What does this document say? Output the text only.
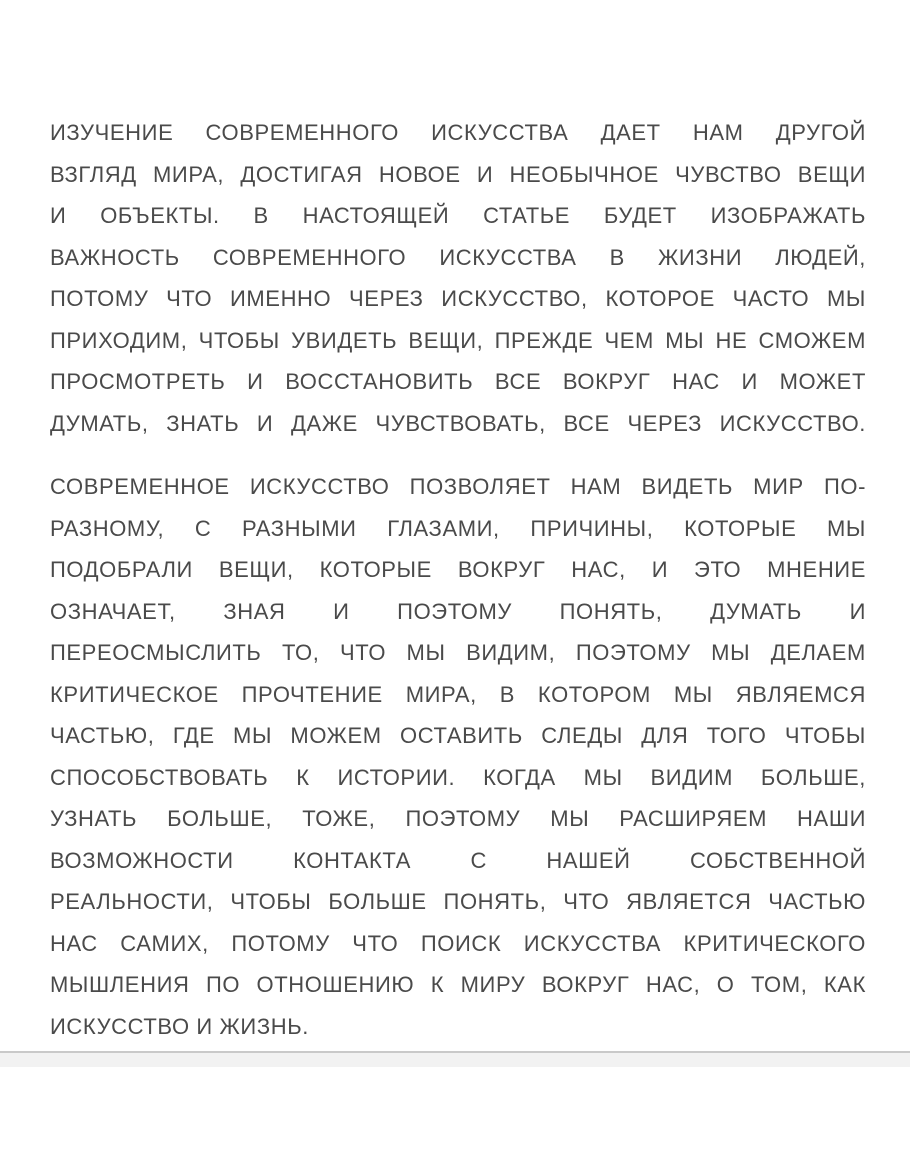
ИЗУЧЕНИЕ СОВРЕМЕННОГО ИСКУССТВА ДАЕТ НАМ ДРУГОЙ
ВЗГЛЯД МИРА, ДОСТИГАЯ НОВОЕ И НЕОБЫЧНОЕ ЧУВСТВО ВЕЩИ
И ОБЪЕКТЫ. В НАСТОЯЩЕЙ СТАТЬЕ БУДЕТ ИЗОБРАЖАТЬ
ВАЖНОСТЬ СОВРЕМЕННОГО ИСКУССТВА В ЖИЗНИ ЛЮДЕЙ,
ПОТОМУ ЧТО ИМЕННО ЧЕРЕЗ ИСКУССТВО, КОТОРОЕ ЧАСТО МЫ
ПРИХОДИМ, ЧТОБЫ УВИДЕТЬ ВЕЩИ, ПРЕЖДЕ ЧЕМ МЫ НЕ СМОЖЕМ
ПРОСМОТРЕТЬ И ВОССТАНОВИТЬ ВСЕ ВОКРУГ НАС И МОЖЕТ
ДУМАТЬ, ЗНАТЬ И ДАЖЕ ЧУВСТВОВАТЬ, ВСЕ ЧЕРЕЗ ИСКУССТВО.
СОВРЕМЕННОЕ ИСКУССТВО ПОЗВОЛЯЕТ НАМ ВИДЕТЬ МИР ПО-
РАЗНОМУ, С РАЗНЫМИ ГЛАЗАМИ, ПРИЧИНЫ, КОТОРЫЕ МЫ
ПОДОБРАЛИ ВЕЩИ, КОТОРЫЕ ВОКРУГ НАС, И ЭТО МНЕНИЕ
ОЗНАЧАЕТ, ЗНАЯ И ПОЭТОМУ ПОНЯТЬ, ДУМАТЬ И
ПЕРЕОСМЫСЛИТЬ ТО, ЧТО МЫ ВИДИМ, ПОЭТОМУ МЫ ДЕЛАЕМ
КРИТИЧЕСКОЕ ПРОЧТЕНИЕ МИРА, В КОТОРОМ МЫ ЯВЛЯЕМСЯ
ЧАСТЬЮ, ГДЕ МЫ МОЖЕМ ОСТАВИТЬ СЛЕДЫ ДЛЯ ТОГО ЧТОБЫ
СПОСОБСТВОВАТЬ К ИСТОРИИ. КОГДА МЫ ВИДИМ БОЛЬШЕ,
УЗНАТЬ БОЛЬШЕ, ТОЖЕ, ПОЭТОМУ МЫ РАСШИРЯЕМ НАШИ
ВОЗМОЖНОСТИ КОНТАКТА С НАШЕЙ СОБСТВЕННОЙ
РЕАЛЬНОСТИ, ЧТОБЫ БОЛЬШЕ ПОНЯТЬ, ЧТО ЯВЛЯЕТСЯ ЧАСТЬЮ
НАС САМИХ, ПОТОМУ ЧТО ПОИСК ИСКУССТВА КРИТИЧЕСКОГО
МЫШЛЕНИЯ ПО ОТНОШЕНИЮ К МИРУ ВОКРУГ НАС, О ТОМ, КАК
ИСКУССТВО И ЖИЗНЬ.
